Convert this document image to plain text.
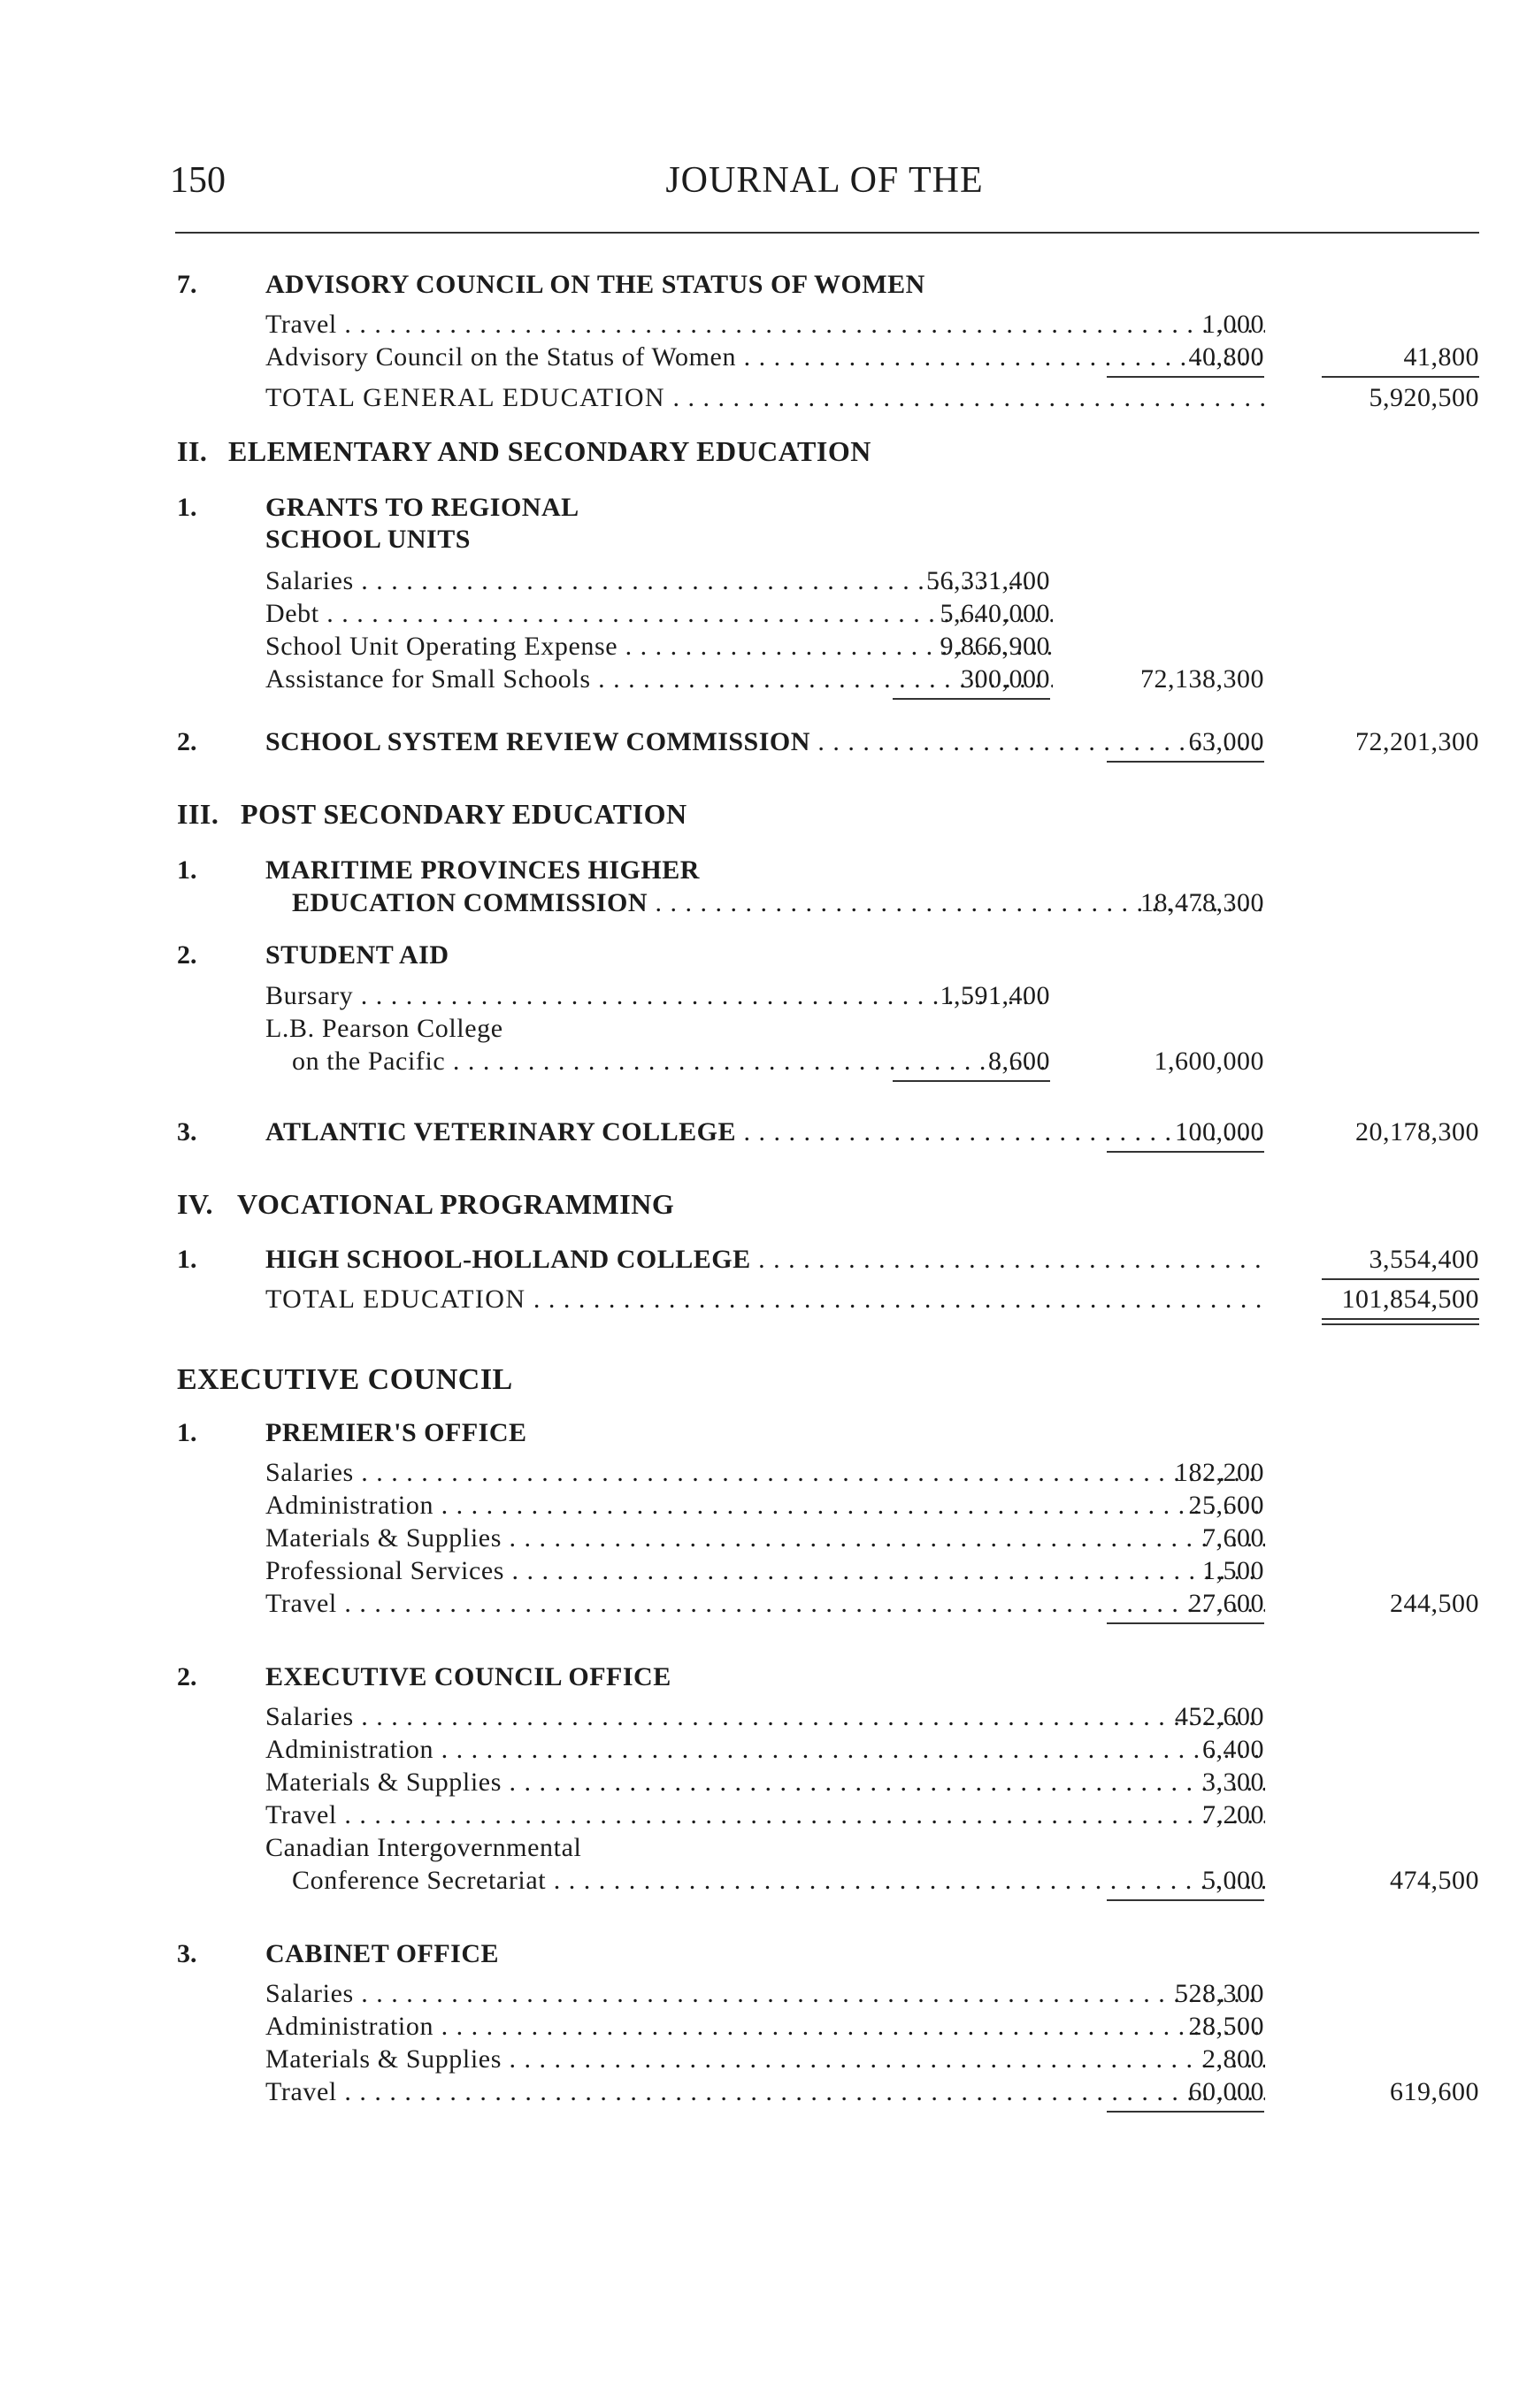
150	JOURNAL OF THE
7.	ADVISORY COUNCIL ON THE STATUS OF WOMEN
Travel . . .	1,000
Advisory Council on the Status of Women . . .	40,800	41,800
TOTAL GENERAL EDUCATION . . .	5,920,500
II. ELEMENTARY AND SECONDARY EDUCATION
1.	GRANTS TO REGIONAL
SCHOOL UNITS
Salaries . . .	56,331,400
Debt . . .	5,640,000
School Unit Operating Expense . . .	9,866,900
Assistance for Small Schools . . .	300,000	72,138,300
2.	SCHOOL SYSTEM REVIEW COMMISSION . . .	63,000	72,201,300
III. POST SECONDARY EDUCATION
1.	MARITIME PROVINCES HIGHER
EDUCATION COMMISSION . . .	18,478,300
2.	STUDENT AID
Bursary . . .	1,591,400
L.B. Pearson College
on the Pacific . . .	8,600	1,600,000
3.	ATLANTIC VETERINARY COLLEGE . . .	100,000	20,178,300
IV. VOCATIONAL PROGRAMMING
1.	HIGH SCHOOL-HOLLAND COLLEGE . . .	3,554,400
TOTAL EDUCATION . . .	101,854,500
EXECUTIVE COUNCIL
1.	PREMIER'S OFFICE
Salaries . . .	182,200
Administration . . .	25,600
Materials & Supplies . . .	7,600
Professional Services . . .	1,500
Travel . . .	27,600	244,500
2.	EXECUTIVE COUNCIL OFFICE
Salaries . . .	452,600
Administration . . .	6,400
Materials & Supplies . . .	3,300
Travel . . .	7,200
Canadian Intergovernmental
Conference Secretariat . . .	5,000	474,500
3.	CABINET OFFICE
Salaries . . .	528,300
Administration . . .	28,500
Materials & Supplies . . .	2,800
Travel . . .	60,000	619,600
